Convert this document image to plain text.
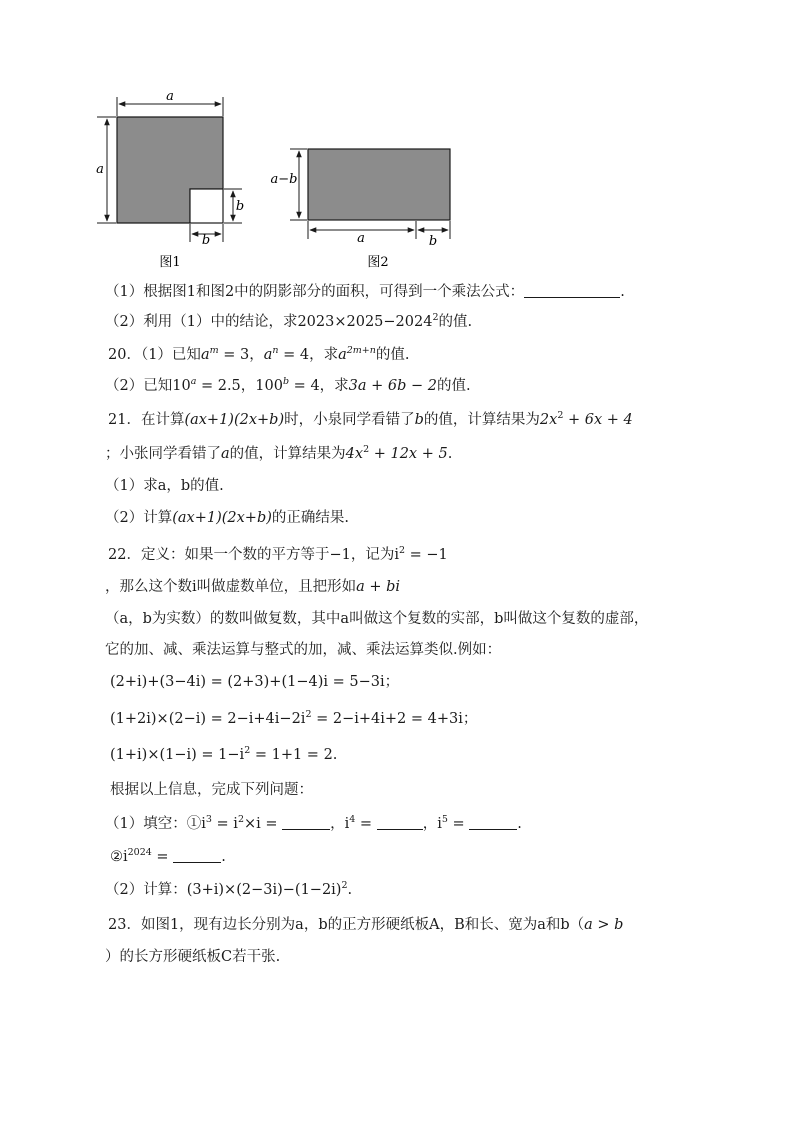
a
a
b
b
图1
a−b
a	b
图2
（1）根据图1和图2中的阴影部分的面积，可得到一个乘法公式：	.
（2）利用（1）中的结论，求$2023\times 2025-2024^2$的值.
20．（1）已知$a^m = 3$，$a^n = 4$，求$a^{2m+n}$的值.
（2）已知$10^a = 2.5$，$100^b = 4$，求3a + 6b − 2的值.
21．在计算(ax+1)(2x+b)时，小泉同学看错了b的值，计算结果为$2x^2 + 6x + 4$
；小张同学看错了a的值，计算结果为$4x^2 + 12x + 5$.
（1）求a，b的值.
（2）计算(ax+1)(2x+b)的正确结果.
22．定义：如果一个数的平方等于−1，记为$i^2 = -1$
，那么这个数i叫做虚数单位，且把形如a + bi
（a，b为实数）的数叫做复数，其中a叫做这个复数的实部，b叫做这个复数的虚部，
它的加、减、乘法运算与整式的加，减、乘法运算类似.例如：
(2+i)+(3−4i) = (2+3)+(1−4)i = 5−3i；
$(1+2i)\times(2-i) = 2-i+4i-2i^2 = 2-i+4i+2 = 4+3i$；
$(1+i)\times(1-i) = 1-i^2 = 1+1 = 2$.
根据以上信息，完成下列问题：
（1）填空：$①i^3 = i^2\times i$ =	，$i^4$ =	，$i^5$ =	.
$②i^{2024}$ =	.
（2）计算：$(3+i)\times(2-3i)-(1-2i)^2$.
23．如图1，现有边长分别为a，b的正方形硬纸板A，B和长、宽为a和b（a > b
）的长方形硬纸板C若干张.
